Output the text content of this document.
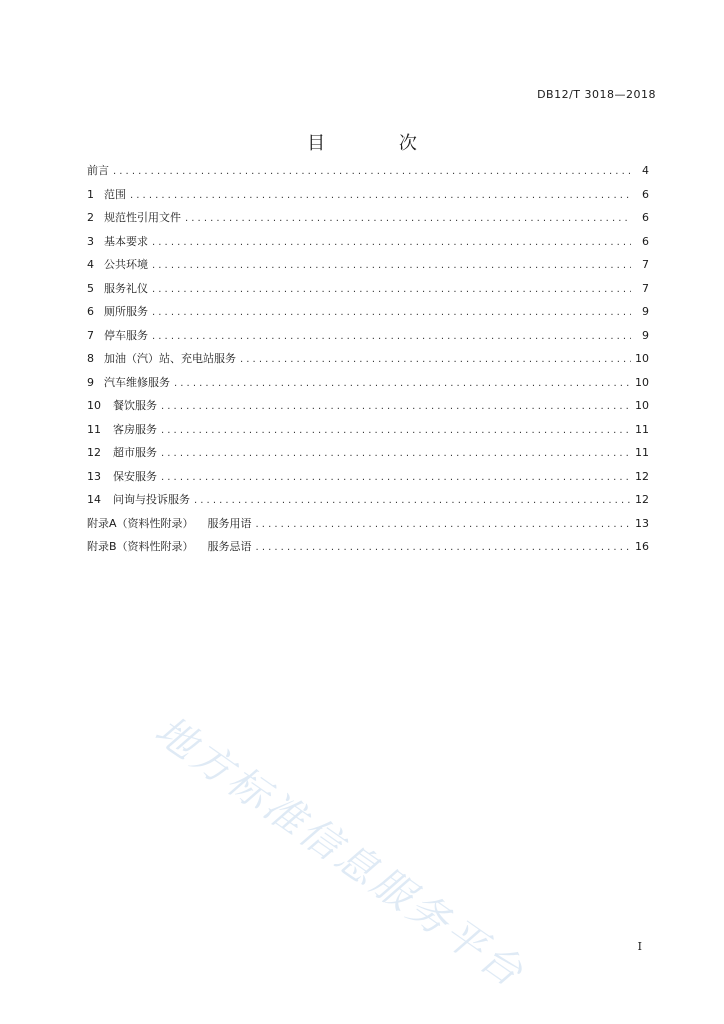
DB12/T 3018—2018
目 次
前言 .....	4
1 范围 .....	6
2 规范性引用文件 .....	6
3 基本要求 .....	6
4 公共环境 .....	7
5 服务礼仪 .....	7
6 厕所服务 .....	9
7 停车服务 .....	9
8 加油（汽）站、充电站服务 .....	10
9 汽车维修服务 .....	10
10 餐饮服务 .....	10
11 客房服务 .....	11
12 超市服务 .....	11
13 保安服务 .....	12
14 问询与投诉服务 .....	12
附录A（资料性附录） 服务用语 .....	13
附录B（资料性附录） 服务忌语 .....	16
地方标准信息服务平台	I
